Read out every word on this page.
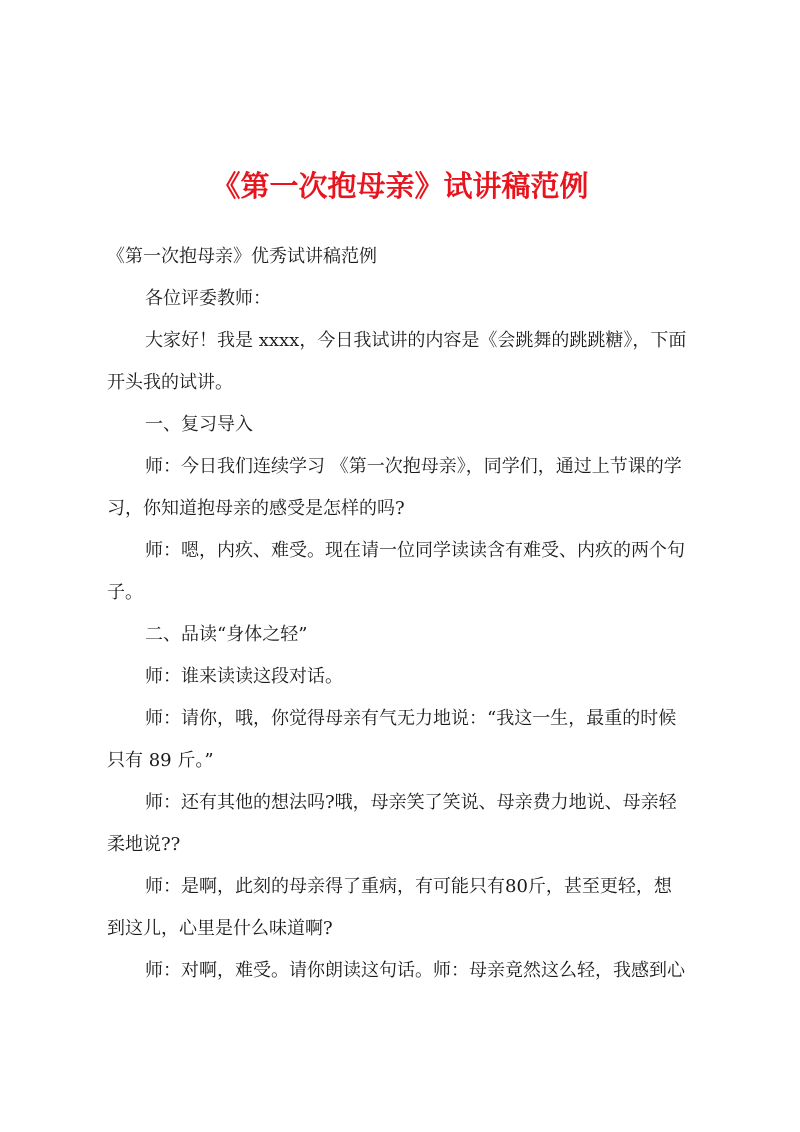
《第一次抱母亲》试讲稿范例
《第一次抱母亲》优秀试讲稿范例
各位评委教师：
大家好！我是 xxxx，今日我试讲的内容是《会跳舞的跳跳糖》，下面
开头我的试讲。
一、复习导入
师：今日我们连续学习 《第一次抱母亲》，同学们，通过上节课的学
习，你知道抱母亲的感受是怎样的吗?
师：嗯，内疚、难受。现在请一位同学读读含有难受、内疚的两个句
子。
二、品读“身体之轻”
师：谁来读读这段对话。
师：请你，哦，你觉得母亲有气无力地说：“我这一生，最重的时候
只有 89 斤。”
师：还有其他的想法吗?哦，母亲笑了笑说、母亲费力地说、母亲轻
柔地说??
师：是啊，此刻的母亲得了重病，有可能只有80斤，甚至更轻，想
到这儿，心里是什么味道啊?
师：对啊，难受。请你朗读这句话。师：母亲竟然这么轻，我感到心
